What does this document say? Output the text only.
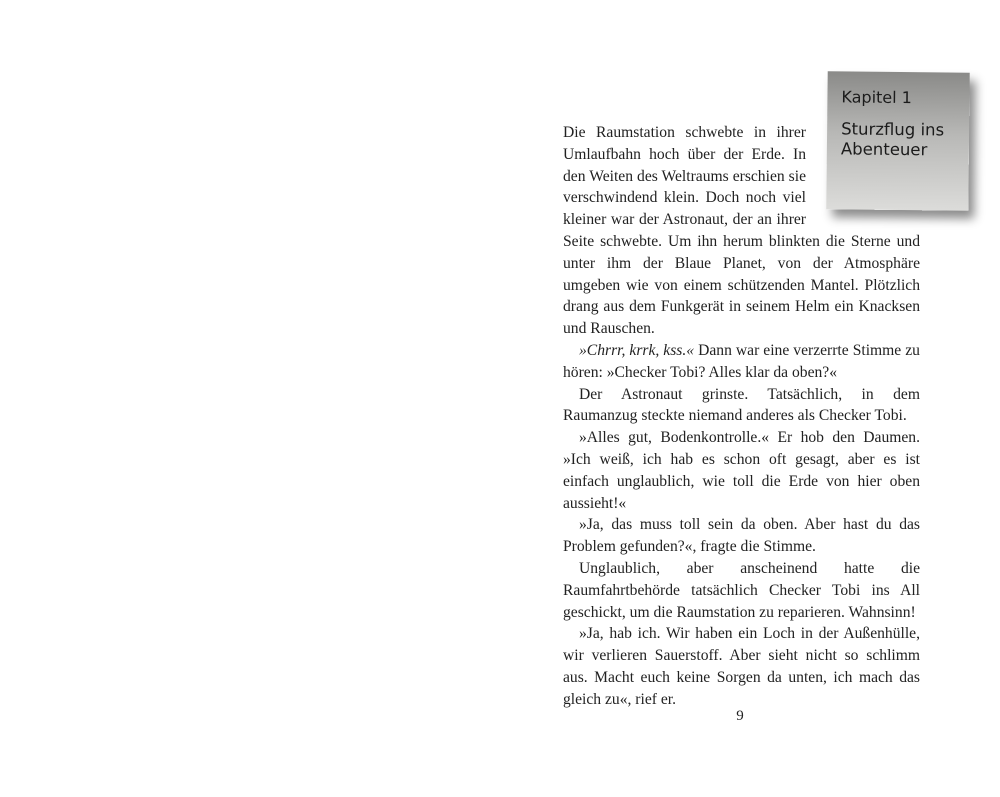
Kapitel 1
Sturzflug ins Abenteuer
Die Raumstation schwebte in ihrer
Umlaufbahn hoch über der Erde. In
den Weiten des Weltraums erschien sie
verschwindend klein. Doch noch viel
kleiner war der Astronaut, der an ihrer

Seite schwebte. Um ihn herum blinkten die Sterne und unter ihm der Blaue Planet, von der Atmosphäre umgeben wie von einem schützenden Mantel. Plötzlich drang aus dem Funkgerät in seinem Helm ein Knacksen und Rauschen.

»Chrrr, krrk, kss.« Dann war eine verzerrte Stimme zu hören: »Checker Tobi? Alles klar da oben?«

Der Astronaut grinste. Tatsächlich, in dem Raumanzug steckte niemand anderes als Checker Tobi.

»Alles gut, Bodenkontrolle.« Er hob den Daumen. »Ich weiß, ich hab es schon oft gesagt, aber es ist einfach unglaublich, wie toll die Erde von hier oben aussieht!«

»Ja, das muss toll sein da oben. Aber hast du das Problem gefunden?«, fragte die Stimme.

Unglaublich, aber anscheinend hatte die Raumfahrtbehörde tatsächlich Checker Tobi ins All geschickt, um die Raumstation zu reparieren. Wahnsinn!

»Ja, hab ich. Wir haben ein Loch in der Außenhülle, wir verlieren Sauerstoff. Aber sieht nicht so schlimm aus. Macht euch keine Sorgen da unten, ich mach das gleich zu«, rief er.

9
